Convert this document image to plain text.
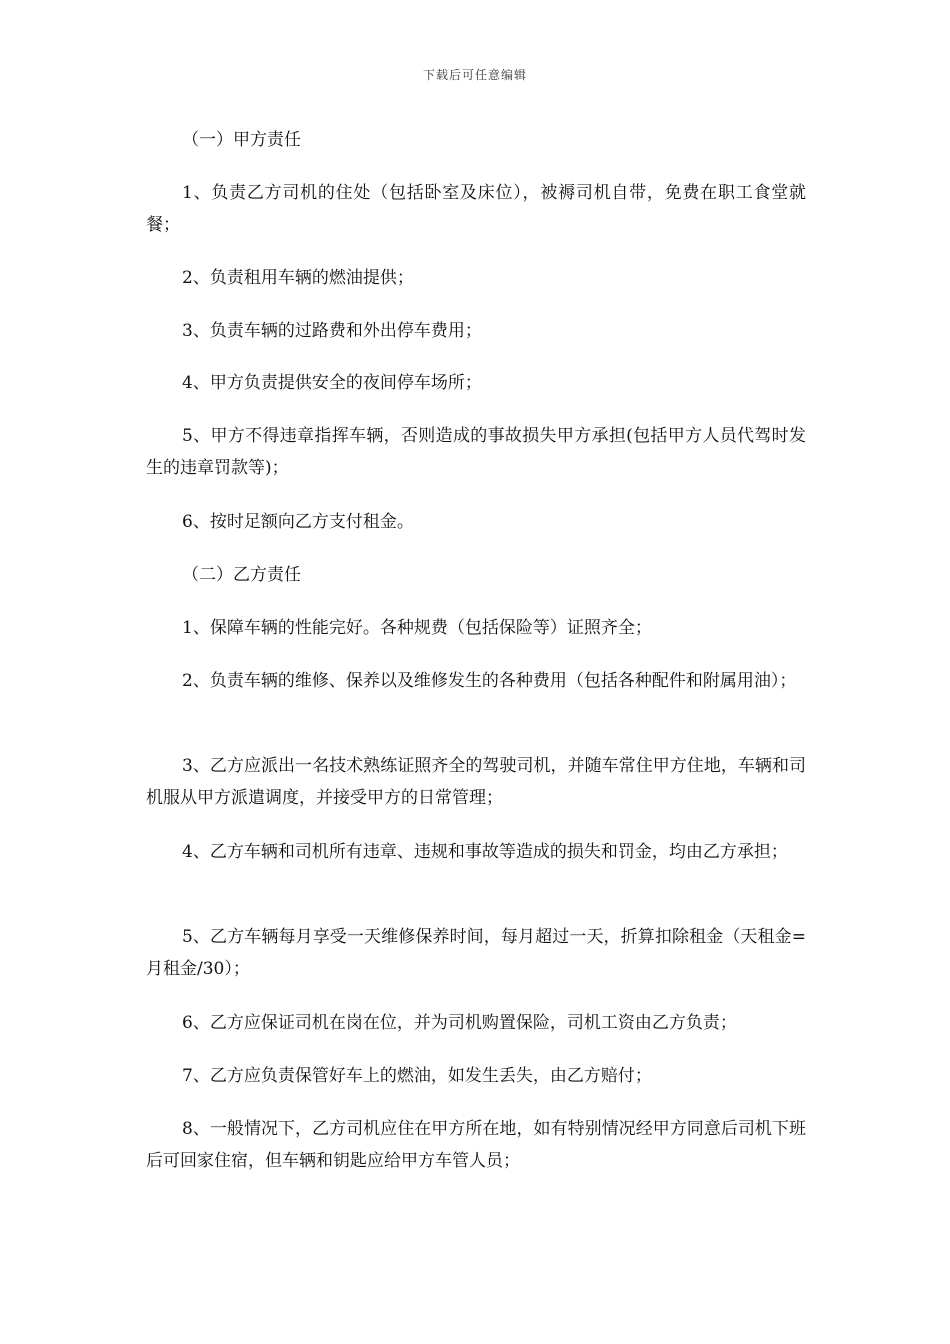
下载后可任意编辑
（一）甲方责任
1、负责乙方司机的住处（包括卧室及床位），被褥司机自带，免费在职工食堂就餐；
2、负责租用车辆的燃油提供；
3、负责车辆的过路费和外出停车费用；
4、甲方负责提供安全的夜间停车场所；
5、甲方不得违章指挥车辆，否则造成的事故损失甲方承担(包括甲方人员代驾时发生的违章罚款等)；
6、按时足额向乙方支付租金。
（二）乙方责任
1、保障车辆的性能完好。各种规费（包括保险等）证照齐全；
2、负责车辆的维修、保养以及维修发生的各种费用（包括各种配件和附属用油）；
3、乙方应派出一名技术熟练证照齐全的驾驶司机，并随车常住甲方住地，车辆和司机服从甲方派遣调度，并接受甲方的日常管理；
4、乙方车辆和司机所有违章、违规和事故等造成的损失和罚金，均由乙方承担；
5、乙方车辆每月享受一天维修保养时间，每月超过一天，折算扣除租金（天租金=月租金/30）；
6、乙方应保证司机在岗在位，并为司机购置保险，司机工资由乙方负责；
7、乙方应负责保管好车上的燃油，如发生丢失，由乙方赔付；
8、一般情况下，乙方司机应住在甲方所在地，如有特别情况经甲方同意后司机下班后可回家住宿，但车辆和钥匙应给甲方车管人员；
